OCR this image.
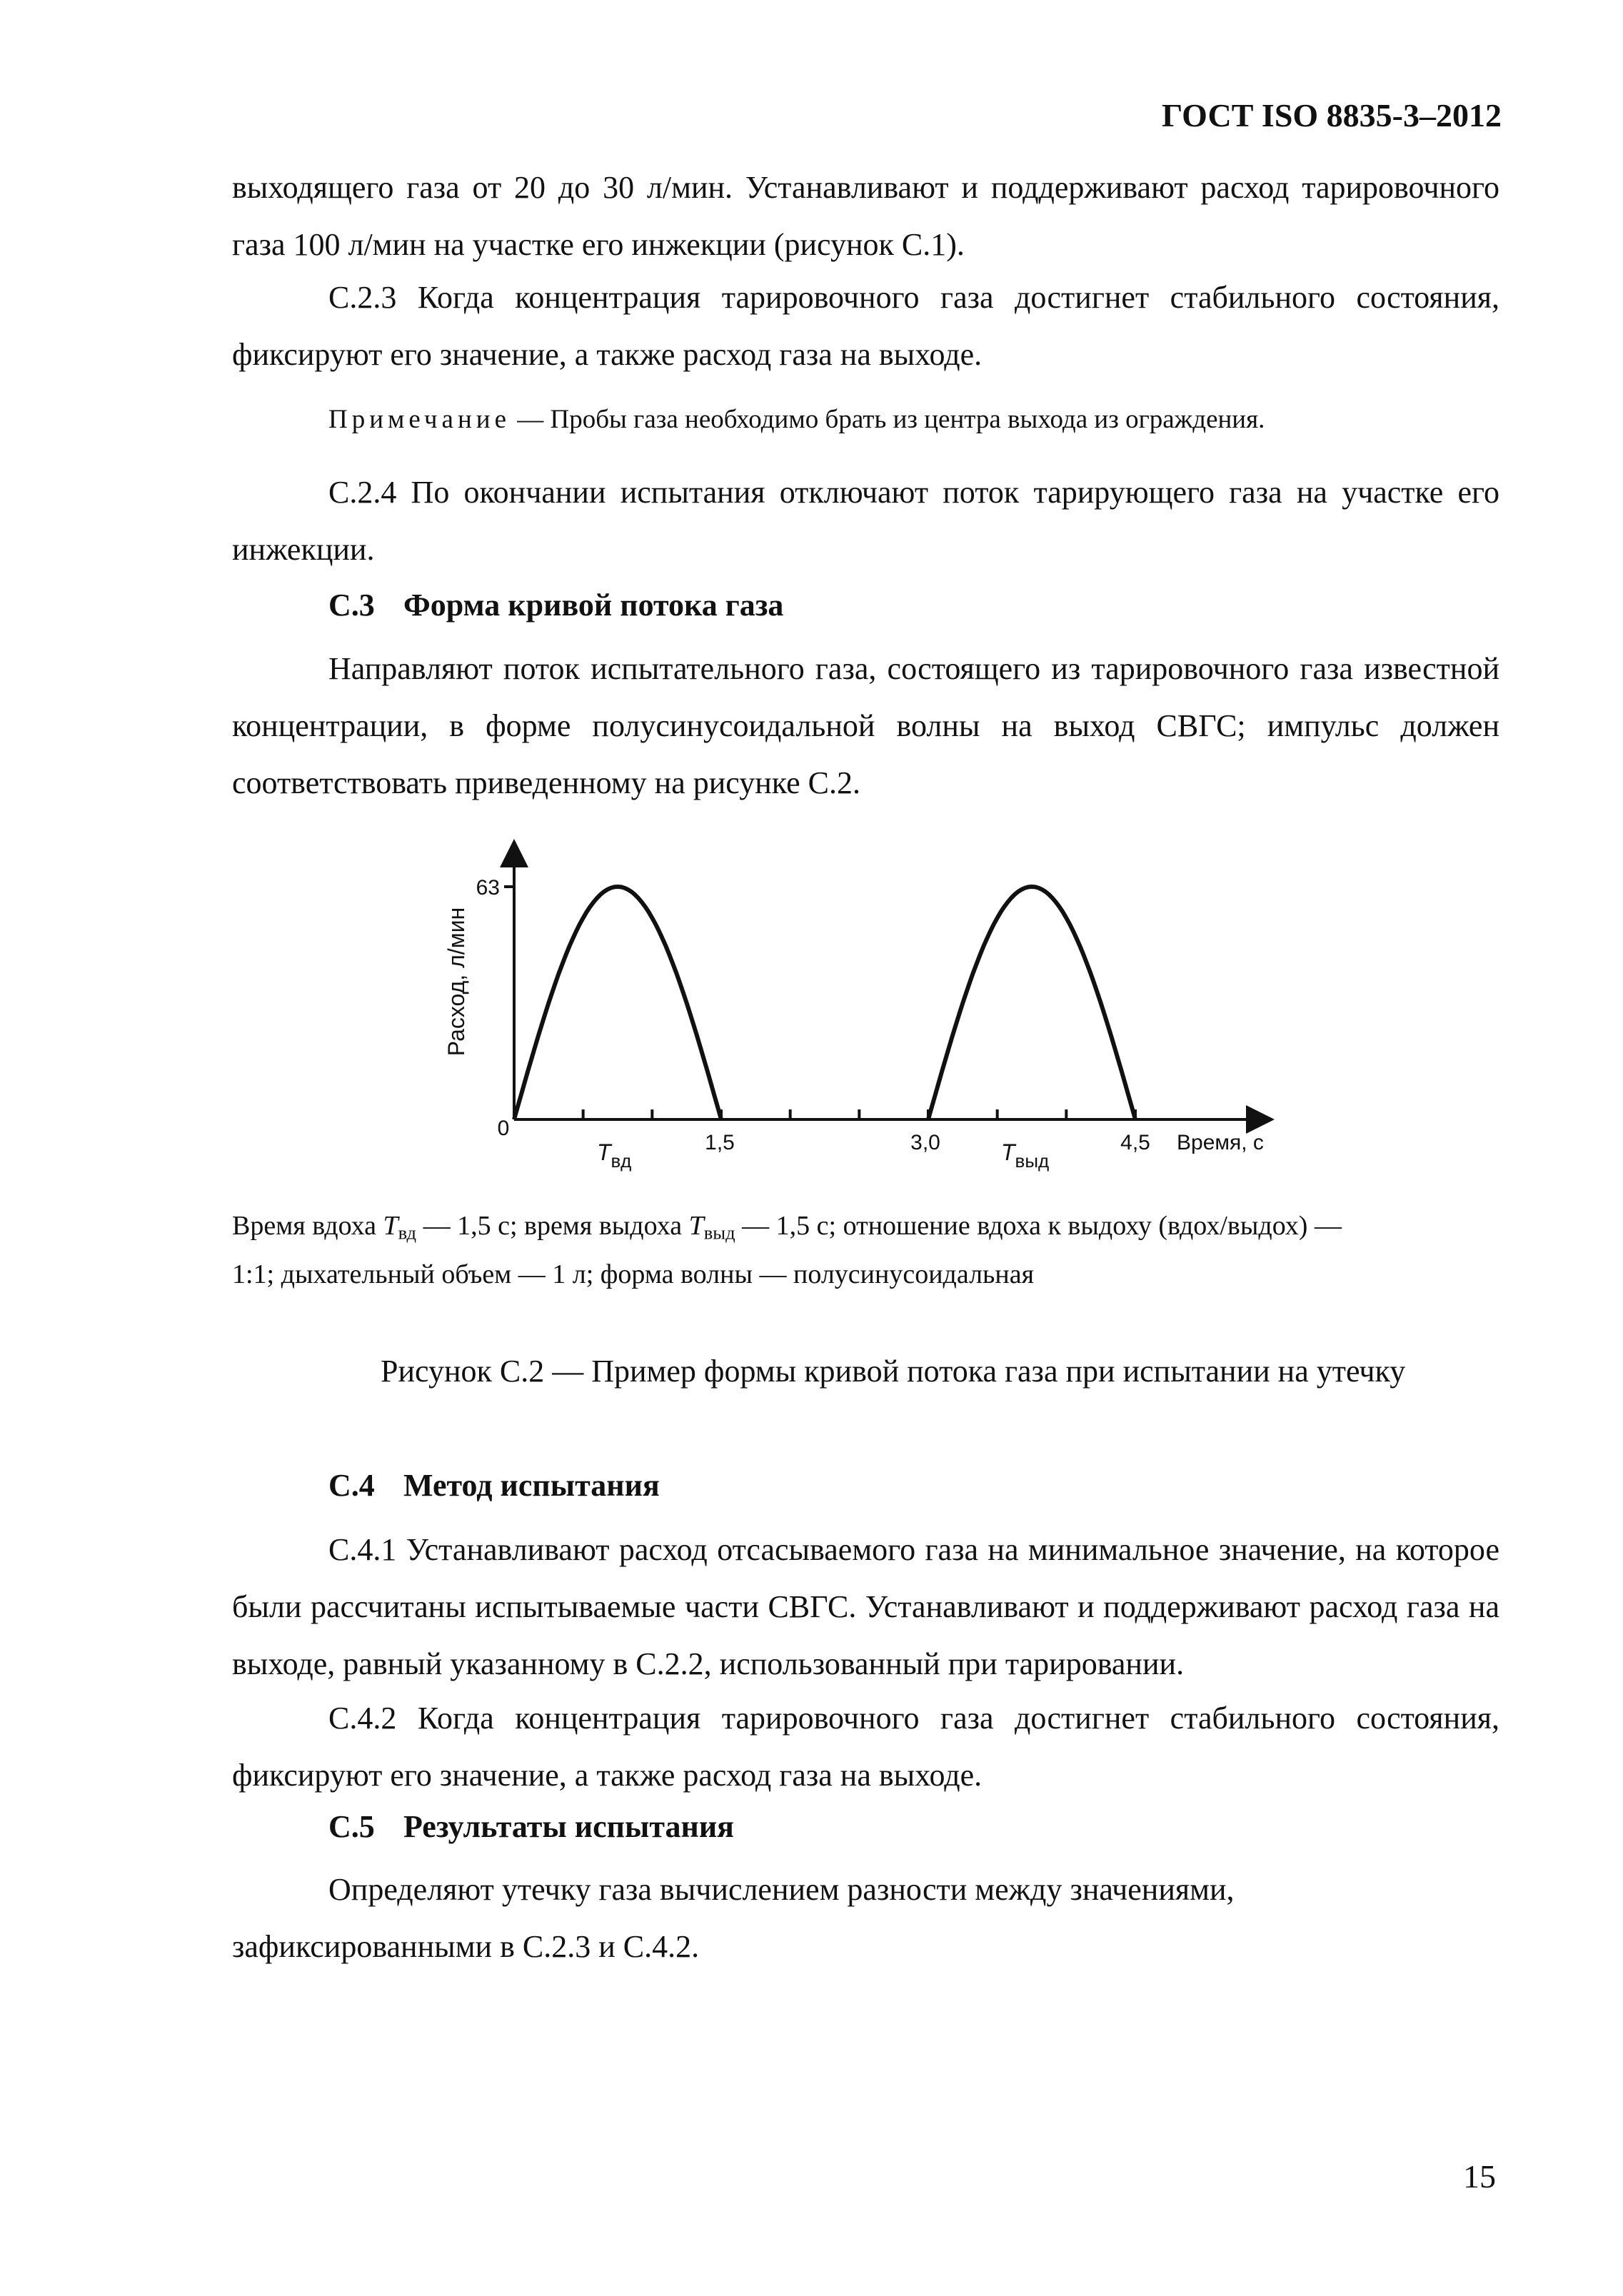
ГОСТ ISO 8835-3–2012
выходящего газа от 20 до 30 л/мин. Устанавливают и поддерживают расход тарировочного газа 100 л/мин на участке его инжекции (рисунок С.1).
С.2.3 Когда концентрация тарировочного газа достигнет стабильного состояния, фиксируют его значение, а также расход газа на выходе.
Примечание — Пробы газа необходимо брать из центра выхода из ограждения.
С.2.4 По окончании испытания отключают поток тарирующего газа на участке его инжекции.
С.3 Форма кривой потока газа
Направляют поток испытательного газа, состоящего из тарировочного газа известной концентрации, в форме полусинусоидальной волны на выход СВГС; импульс должен соответствовать приведенному на рисунке С.2.
63
Расход, л/мин
0
1,5	3,0	4,5 Время, с
$T_{вд}$	$T_{выд}$
Время вдоха $T_{вд}$ — 1,5 с; время выдоха $T_{выд}$ — 1,5 с; отношение вдоха к выдоху (вдох/выдох) —
1:1; дыхательный объем — 1 л; форма волны — полусинусоидальная
Рисунок С.2 — Пример формы кривой потока газа при испытании на утечку
С.4 Метод испытания
С.4.1 Устанавливают расход отсасываемого газа на минимальное значение, на которое были рассчитаны испытываемые части СВГС. Устанавливают и поддерживают расход газа на выходе, равный указанному в С.2.2, использованный при тарировании.
С.4.2 Когда концентрация тарировочного газа достигнет стабильного состояния, фиксируют его значение, а также расход газа на выходе.
С.5 Результаты испытания
Определяют утечку газа вычислением разности между значениями,
зафиксированными в С.2.3 и С.4.2.
15
